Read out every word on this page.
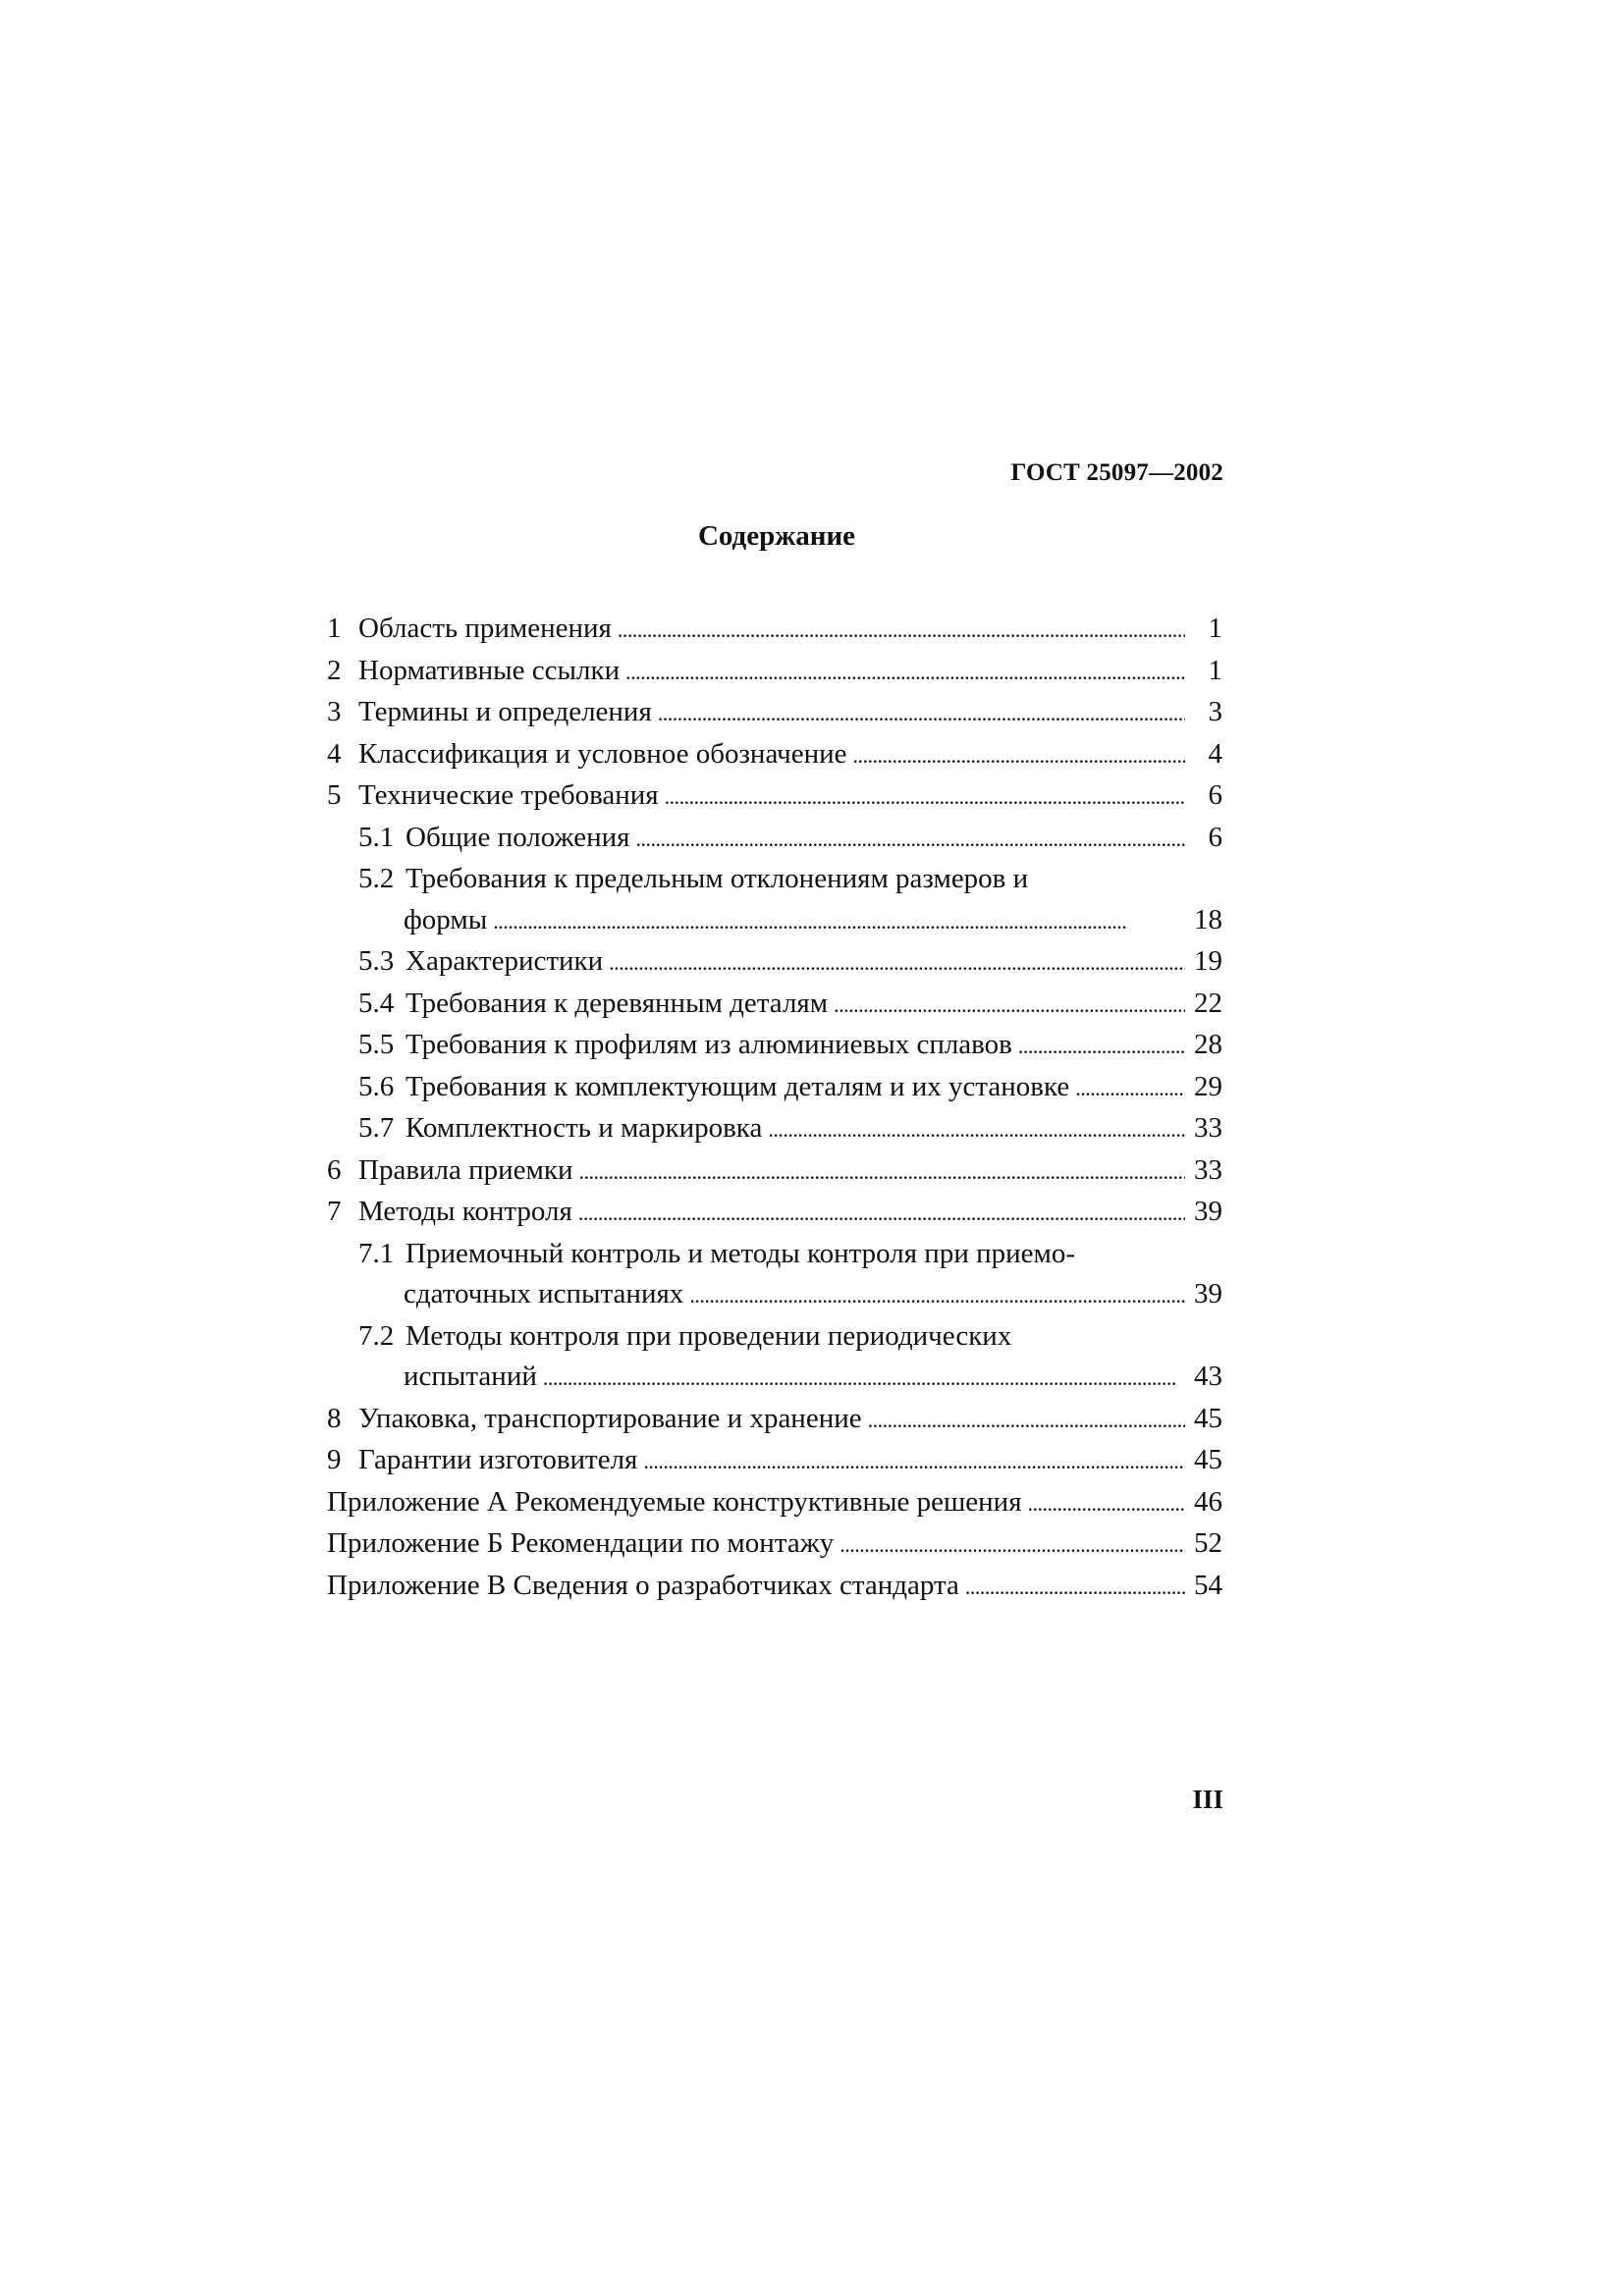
ГОСТ 25097—2002
Содержание
1 Область применения . . .	1
2 Нормативные ссылки . . .	1
3 Термины и определения . . .	3
4 Классификация и условное обозначение . . .	4
5 Технические требования . . .	6
5.1 Общие положения . . .	6
5.2 Требования к предельным отклонениям размеров и
формы . . .	18
5.3 Характеристики . . .	19
5.4 Требования к деревянным деталям . . .	22
5.5 Требования к профилям из алюминиевых сплавов . . .	28
5.6 Требования к комплектующим деталям и их установке . . .	29
5.7 Комплектность и маркировка . . .	33
6 Правила приемки . . .	33
7 Методы контроля . . .	39
7.1 Приемочный контроль и методы контроля при приемо-
сдаточных испытаниях . . .	39
7.2 Методы контроля при проведении периодических
испытаний . . .	43
8 Упаковка, транспортирование и хранение . . .	45
9 Гарантии изготовителя . . .	45
Приложение А Рекомендуемые конструктивные решения . . .	46
Приложение Б Рекомендации по монтажу . . .	52
Приложение В Сведения о разработчиках стандарта . . .	54
III
